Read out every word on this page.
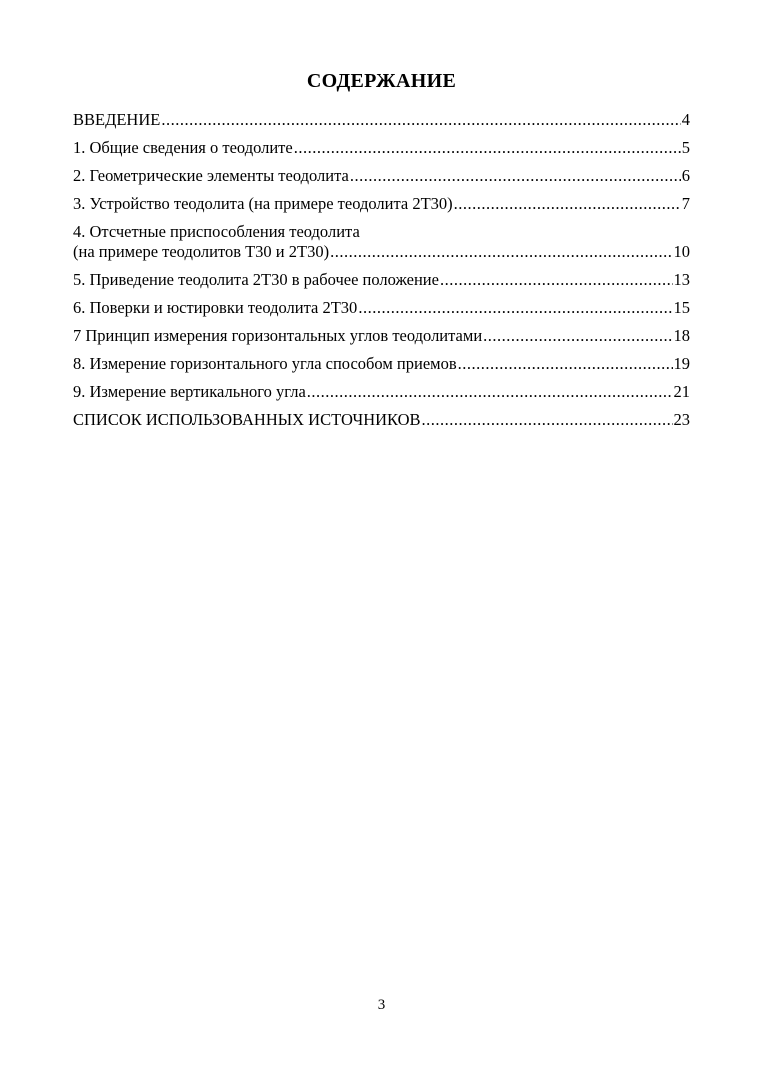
СОДЕРЖАНИЕ
ВВЕДЕНИЕ .....	4
1. Общие сведения о теодолите .....	5
2. Геометрические элементы теодолита .....	6
3. Устройство теодолита (на примере теодолита 2Т30) .....	7
4. Отсчетные приспособления теодолита
(на примере теодолитов Т30 и 2Т30) .....	10
5. Приведение теодолита 2Т30 в рабочее положение .....	13
6. Поверки и юстировки теодолита 2Т30 .....	15
7 Принцип измерения горизонтальных углов теодолитами .....	18
8. Измерение горизонтального угла способом приемов .....	19
9. Измерение вертикального угла .....	21
СПИСОК ИСПОЛЬЗОВАННЫХ ИСТОЧНИКОВ .....	23
3
